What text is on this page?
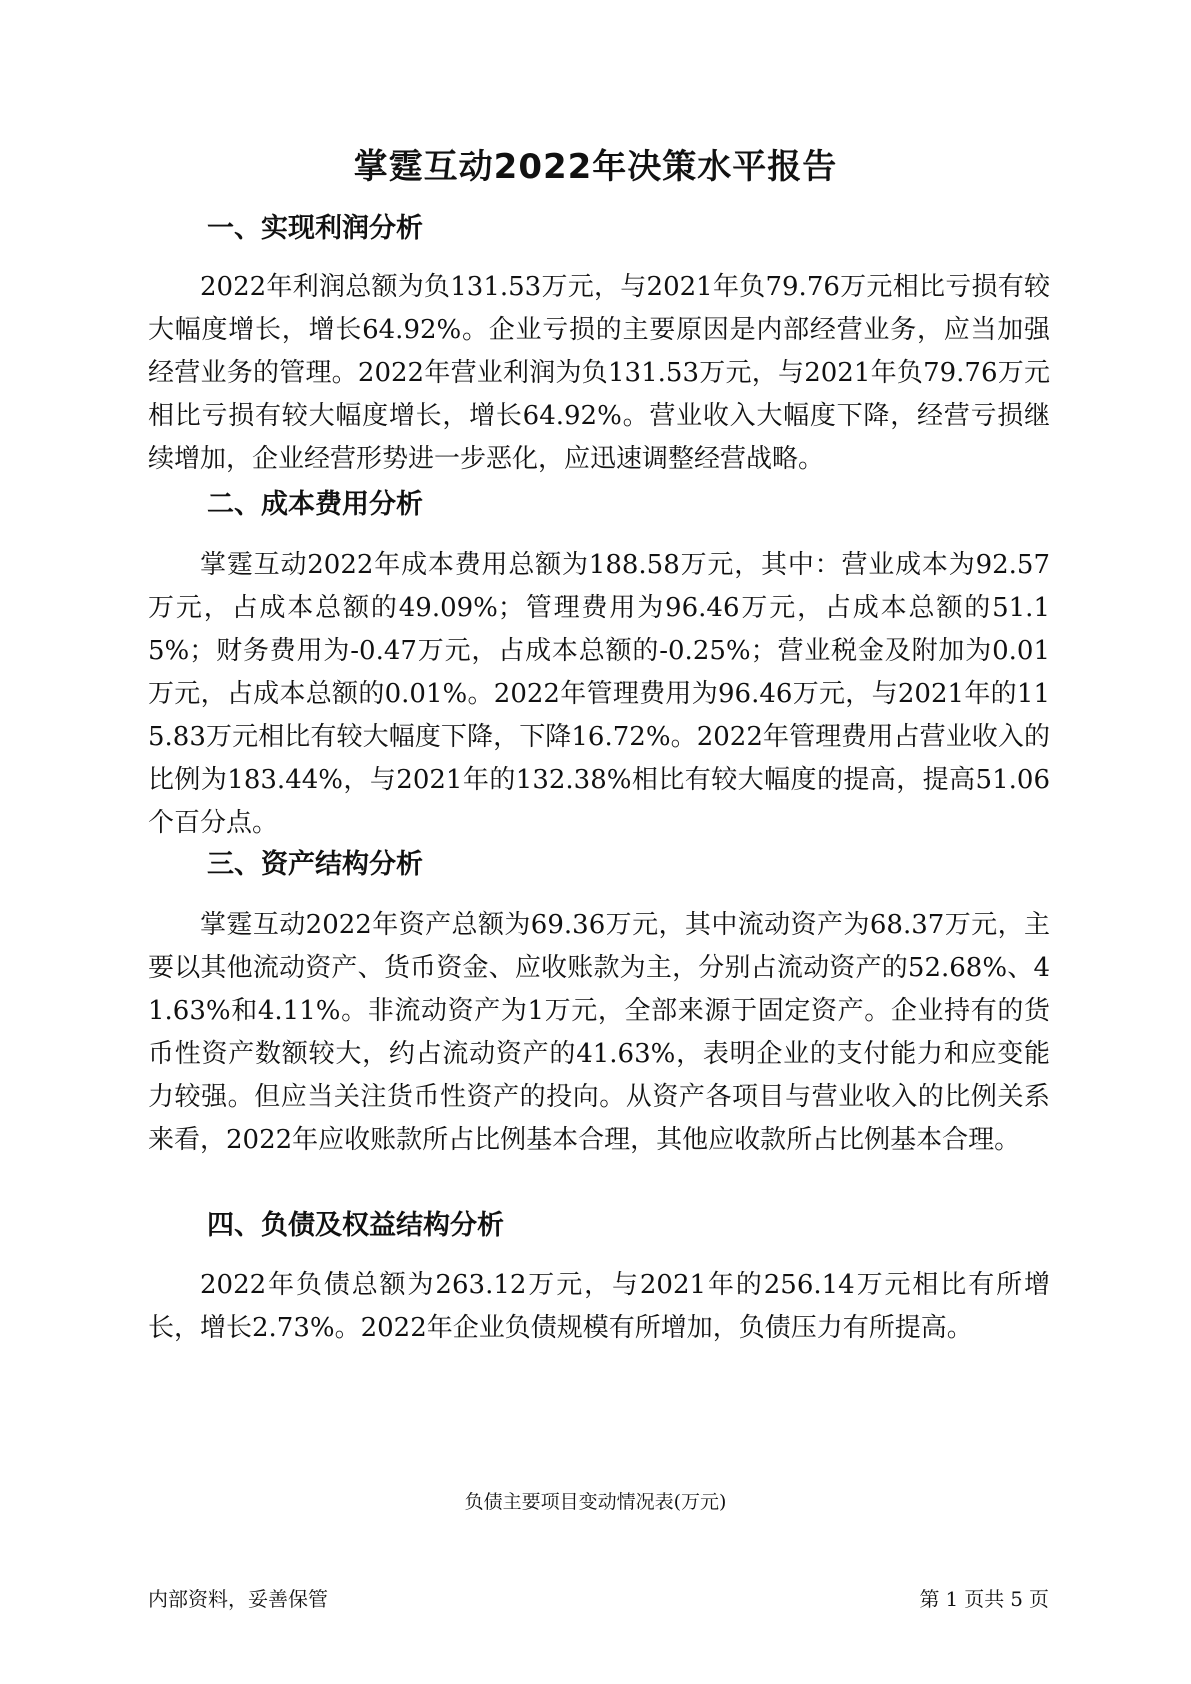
掌霆互动2022年决策水平报告
一、实现利润分析

2022年利润总额为负131.53万元，与2021年负79.76万元相比亏损有较大幅度增长，增长64.92%。企业亏损的主要原因是内部经营业务，应当加强经营业务的管理。2022年营业利润为负131.53万元，与2021年负79.76万元相比亏损有较大幅度增长，增长64.92%。营业收入大幅度下降，经营亏损继续增加，企业经营形势进一步恶化，应迅速调整经营战略。

二、成本费用分析

掌霆互动2022年成本费用总额为188.58万元，其中：营业成本为92.57万元，占成本总额的49.09%；管理费用为96.46万元，占成本总额的51.15%；财务费用为-0.47万元，占成本总额的-0.25%；营业税金及附加为0.01万元，占成本总额的0.01%。2022年管理费用为96.46万元，与2021年的115.83万元相比有较大幅度下降，下降16.72%。2022年管理费用占营业收入的比例为183.44%，与2021年的132.38%相比有较大幅度的提高，提高51.06个百分点。

三、资产结构分析

掌霆互动2022年资产总额为69.36万元，其中流动资产为68.37万元，主要以其他流动资产、货币资金、应收账款为主，分别占流动资产的52.68%、41.63%和4.11%。非流动资产为1万元，全部来源于固定资产。企业持有的货币性资产数额较大，约占流动资产的41.63%，表明企业的支付能力和应变能力较强。但应当关注货币性资产的投向。从资产各项目与营业收入的比例关系来看，2022年应收账款所占比例基本合理，其他应收款所占比例基本合理。

四、负债及权益结构分析

2022年负债总额为263.12万元，与2021年的256.14万元相比有所增长，增长2.73%。2022年企业负债规模有所增加，负债压力有所提高。

负债主要项目变动情况表(万元)

内部资料，妥善保管	第 1 页共 5 页
